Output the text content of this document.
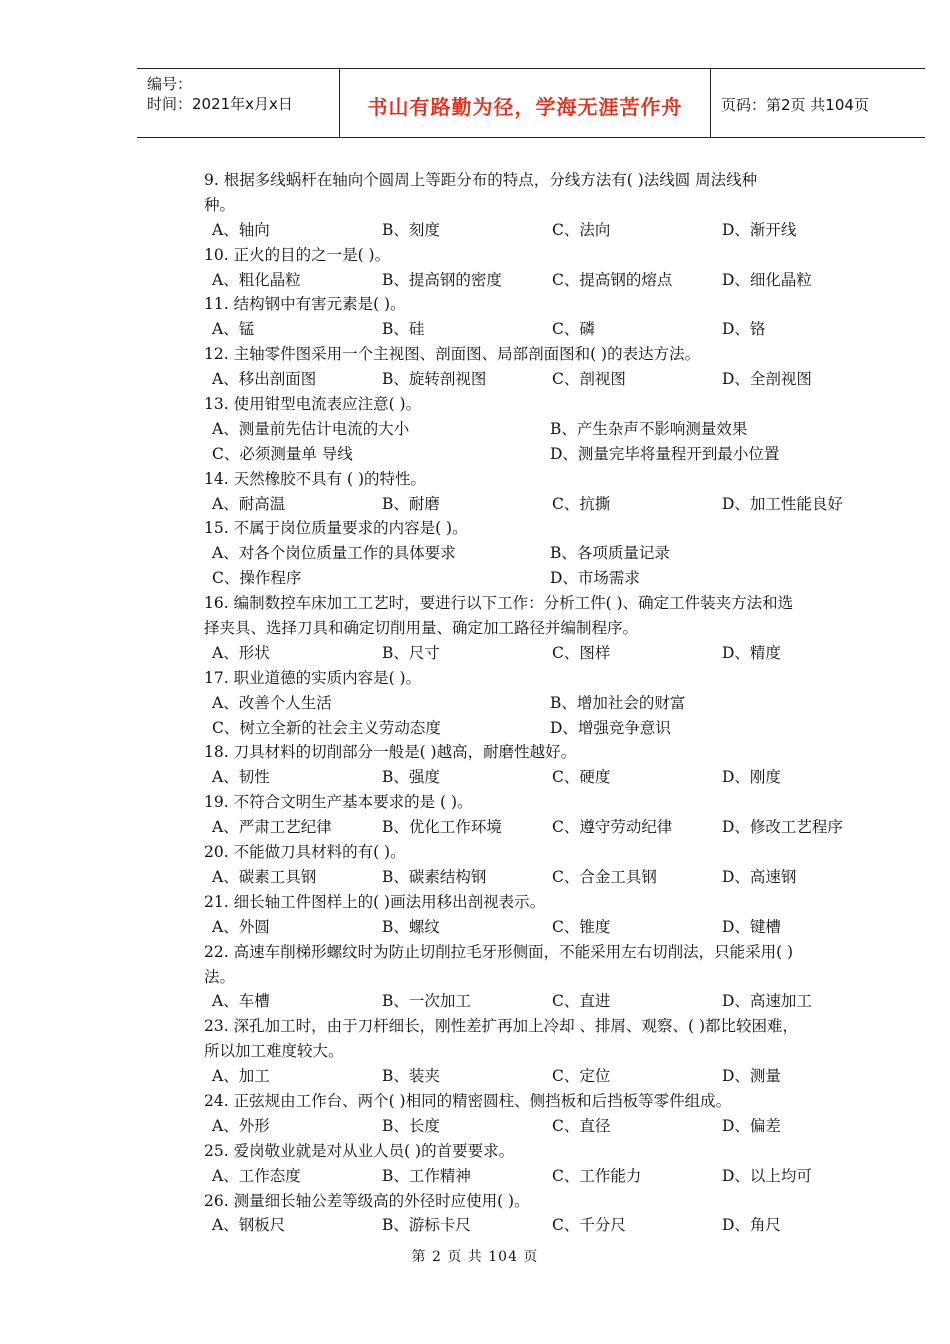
编号：
时间：2021年x月x日	书山有路勤为径，学海无涯苦作舟	页码：第2页 共104页
9. 根据多线蜗杆在轴向个圆周上等距分布的特点，分线方法有( )法线圆 周法线种
种。
A、轴向	B、刻度	C、法向	D、渐开线
10. 正火的目的之一是( )。
A、粗化晶粒	B、提高钢的密度	C、提高钢的熔点	D、细化晶粒
11. 结构钢中有害元素是( )。
A、锰	B、硅	C、磷	D、铬
12. 主轴零件图采用一个主视图、剖面图、局部剖面图和( )的表达方法。
A、移出剖面图	B、旋转剖视图	C、剖视图	D、全剖视图
13. 使用钳型电流表应注意( )。
A、测量前先估计电流的大小	B、产生杂声不影响测量效果
C、必须测量单 导线	D、测量完毕将量程开到最小位置
14. 天然橡胶不具有 ( )的特性。
A、耐高温	B、耐磨	C、抗撕	D、加工性能良好
15. 不属于岗位质量要求的内容是( )。
A、对各个岗位质量工作的具体要求	B、各项质量记录
C、操作程序	D、市场需求
16. 编制数控车床加工工艺时，要进行以下工作：分析工件( )、确定工件装夹方法和选
择夹具、选择刀具和确定切削用量、确定加工路径并编制程序。
A、形状	B、尺寸	C、图样	D、精度
17. 职业道德的实质内容是( )。
A、改善个人生活	B、增加社会的财富
C、树立全新的社会主义劳动态度	D、增强竞争意识
18. 刀具材料的切削部分一般是( )越高，耐磨性越好。
A、韧性	B、强度	C、硬度	D、刚度
19. 不符合文明生产基本要求的是 ( )。
A、严肃工艺纪律	B、优化工作环境	C、遵守劳动纪律	D、修改工艺程序
20. 不能做刀具材料的有( )。
A、碳素工具钢	B、碳素结构钢	C、合金工具钢	D、高速钢
21. 细长轴工件图样上的( )画法用移出剖视表示。
A、外圆	B、螺纹	C、锥度	D、键槽
22. 高速车削梯形螺纹时为防止切削拉毛牙形侧面，不能采用左右切削法，只能采用( )
法。
A、车槽	B、一次加工	C、直进	D、高速加工
23. 深孔加工时，由于刀杆细长，刚性差扩再加上冷却 、排屑、观察、( )都比较困难，
所以加工难度较大。
A、加工	B、装夹	C、定位	D、测量
24. 正弦规由工作台、两个( )相同的精密圆柱、侧挡板和后挡板等零件组成。
A、外形	B、长度	C、直径	D、偏差
25. 爱岗敬业就是对从业人员( )的首要要求。
A、工作态度	B、工作精神	C、工作能力	D、以上均可
26. 测量细长轴公差等级高的外径时应使用( )。
A、钢板尺	B、游标卡尺	C、千分尺	D、角尺
第 2 页 共 104 页
